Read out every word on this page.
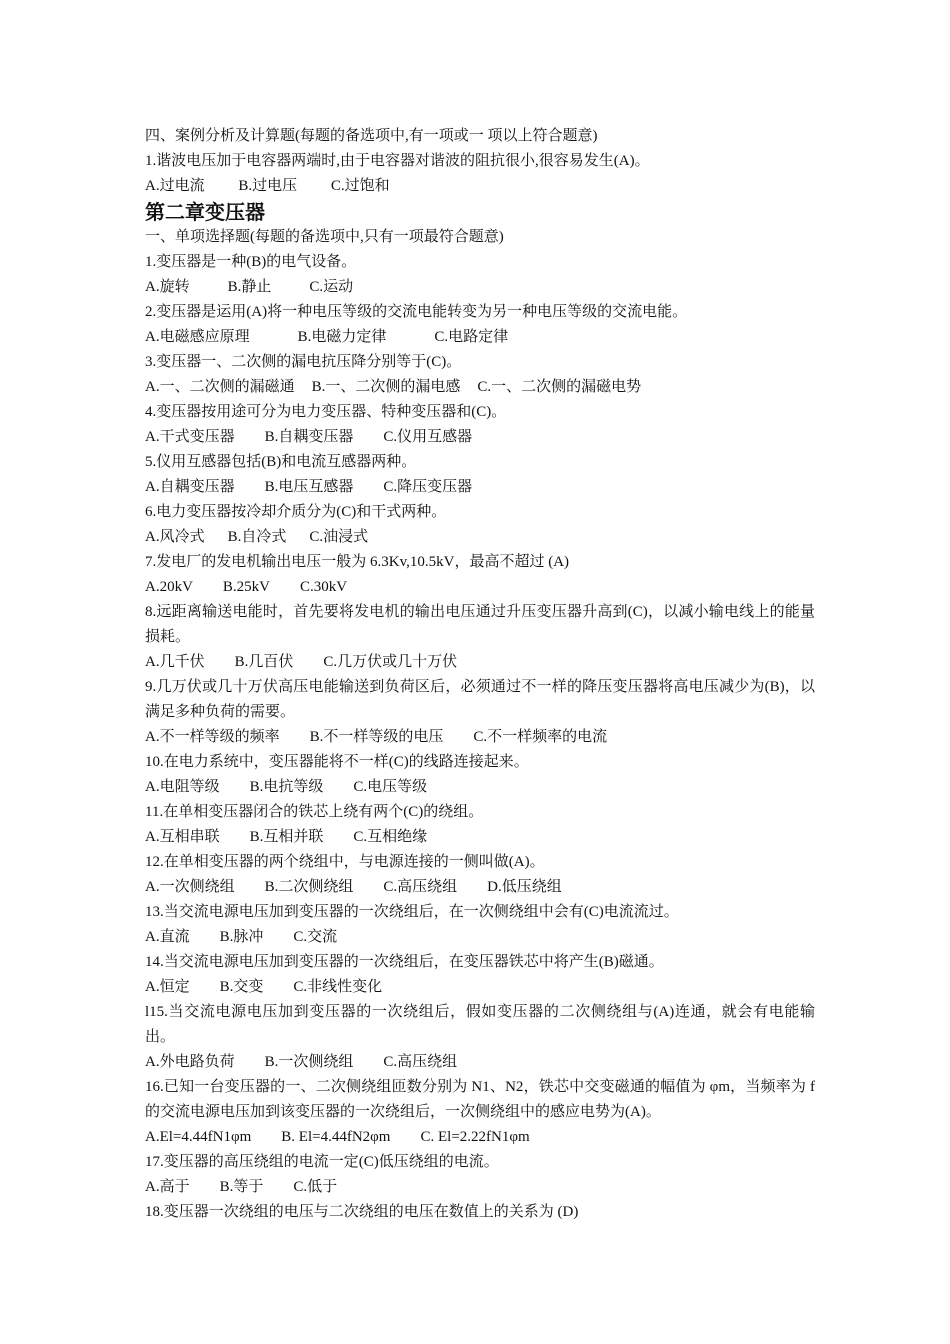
四、案例分析及计算题(每题的备选项中,有一项或一 项以上符合题意)

1.谐波电压加于电容器两端时,由于电容器对谐波的阻抗很小,很容易发生(A)。

A.过电流 B.过电压 C.过饱和

第二章变压器

一、单项选择题(每题的备选项中,只有一项最符合题意)

1.变压器是一种(B)的电气设备。

A.旋转	B.静止	C.运动

2.变压器是运用(A)将一种电压等级的交流电能转变为另一种电压等级的交流电能。

A.电磁感应原理	B.电磁力定律	C.电路定律

3.变压器一、二次侧的漏电抗压降分别等于(C)。

A.一、二次侧的漏磁通 B.一、二次侧的漏电感 C.一、二次侧的漏磁电势

4.变压器按用途可分为电力变压器、特种变压器和(C)。

A.干式变压器 B.自耦变压器 C.仪用互感器

5.仪用互感器包括(B)和电流互感器两种。

A.自耦变压器 B.电压互感器 C.降压变压器

6.电力变压器按冷却介质分为(C)和干式两种。

A.风冷式 B.自冷式 C.油浸式

7.发电厂的发电机输出电压一般为 6.3Kv,10.5kV，最高不超过 (A)

A.20kV B.25kV C.30kV

8.远距离输送电能时，首先要将发电机的输出电压通过升压变压器升高到(C)，以减小输电线上的能量损耗。

A.几千伏 B.几百伏 C.几万伏或几十万伏

9.几万伏或几十万伏高压电能输送到负荷区后，必须通过不一样的降压变压器将高电压减少为(B)，以满足多种负荷的需要。

A.不一样等级的频率 B.不一样等级的电压 C.不一样频率的电流

10.在电力系统中，变压器能将不一样(C)的线路连接起来。

A.电阻等级 B.电抗等级 C.电压等级

11.在单相变压器闭合的铁芯上绕有两个(C)的绕组。

A.互相串联 B.互相并联 C.互相绝缘

12.在单相变压器的两个绕组中，与电源连接的一侧叫做(A)。

A.一次侧绕组 B.二次侧绕组 C.高压绕组 D.低压绕组

13.当交流电源电压加到变压器的一次绕组后，在一次侧绕组中会有(C)电流流过。

A.直流 B.脉冲 C.交流

14.当交流电源电压加到变压器的一次绕组后，在变压器铁芯中将产生(B)磁通。

A.恒定 B.交变 C.非线性变化

l15.当交流电源电压加到变压器的一次绕组后，假如变压器的二次侧绕组与(A)连通，就会有电能输出。

A.外电路负荷 B.一次侧绕组 C.高压绕组

16.已知一台变压器的一、二次侧绕组匝数分别为 N1、N2，铁芯中交变磁通的幅值为 φm，当频率为 f 的交流电源电压加到该变压器的一次绕组后，一次侧绕组中的感应电势为(A)。

A.El=4.44fN1φm B. El=4.44fN2φm C. El=2.22fN1φm

17.变压器的高压绕组的电流一定(C)低压绕组的电流。

A.高于 B.等于 C.低于

18.变压器一次绕组的电压与二次绕组的电压在数值上的关系为 (D)
